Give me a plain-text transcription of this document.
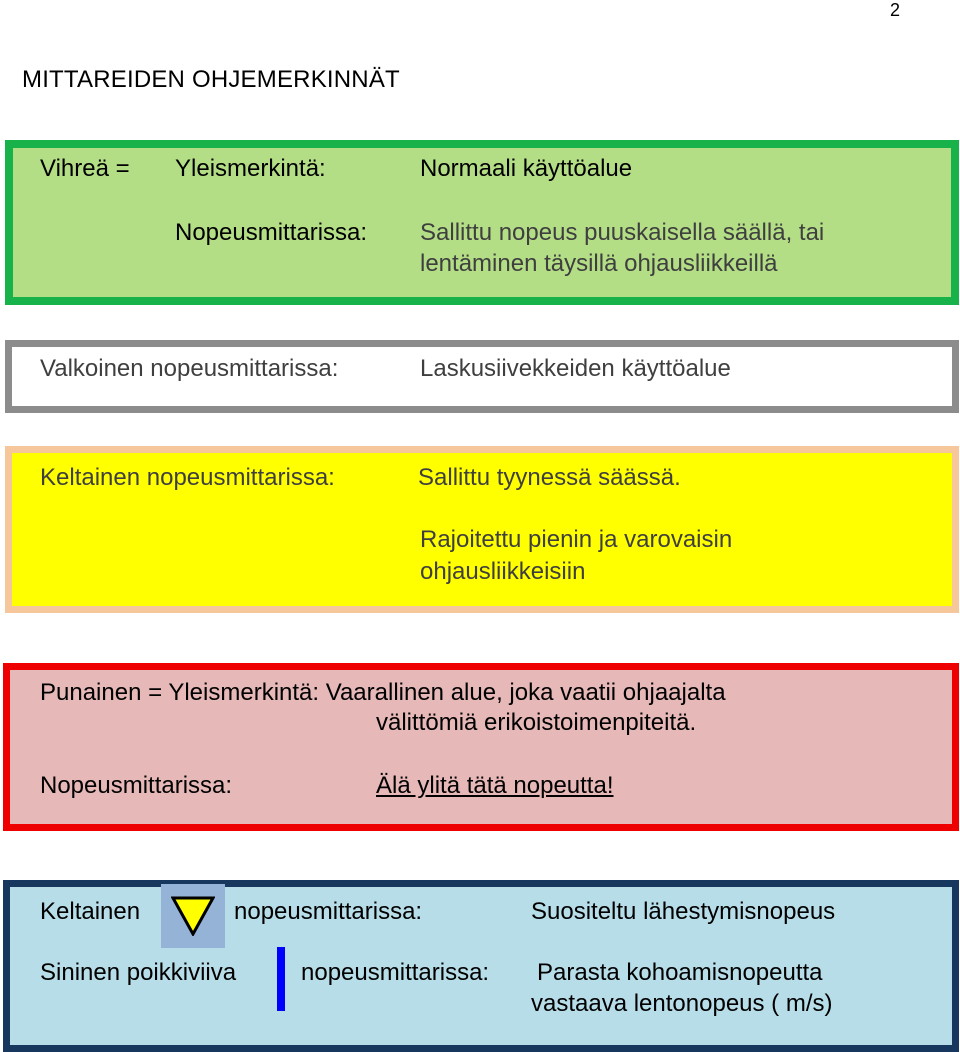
2
MITTAREIDEN OHJEMERKINNÄT
Vihreä = Yleismerkintä:	Normaali käyttöalue
Nopeusmittarissa: Sallittu nopeus puuskaisella säällä, tai
lentäminen täysillä ohjausliikkeillä
Valkoinen nopeusmittarissa:	Laskusiivekkeiden käyttöalue
Keltainen nopeusmittarissa:	Sallittu tyynessä säässä.
Rajoitettu pienin ja varovaisin
ohjausliikkeisiin
Punainen = Yleismerkintä: Vaarallinen alue, joka vaatii ohjaajalta
välittömiä erikoistoimenpiteitä.
Nopeusmittarissa:	Älä ylitä tätä nopeutta!
Keltainen	nopeusmittarissa:	Suositeltu lähestymisnopeus
Sininen poikkiviiva	nopeusmittarissa: Parasta kohoamisnopeutta
vastaava lentonopeus ( m/s)
